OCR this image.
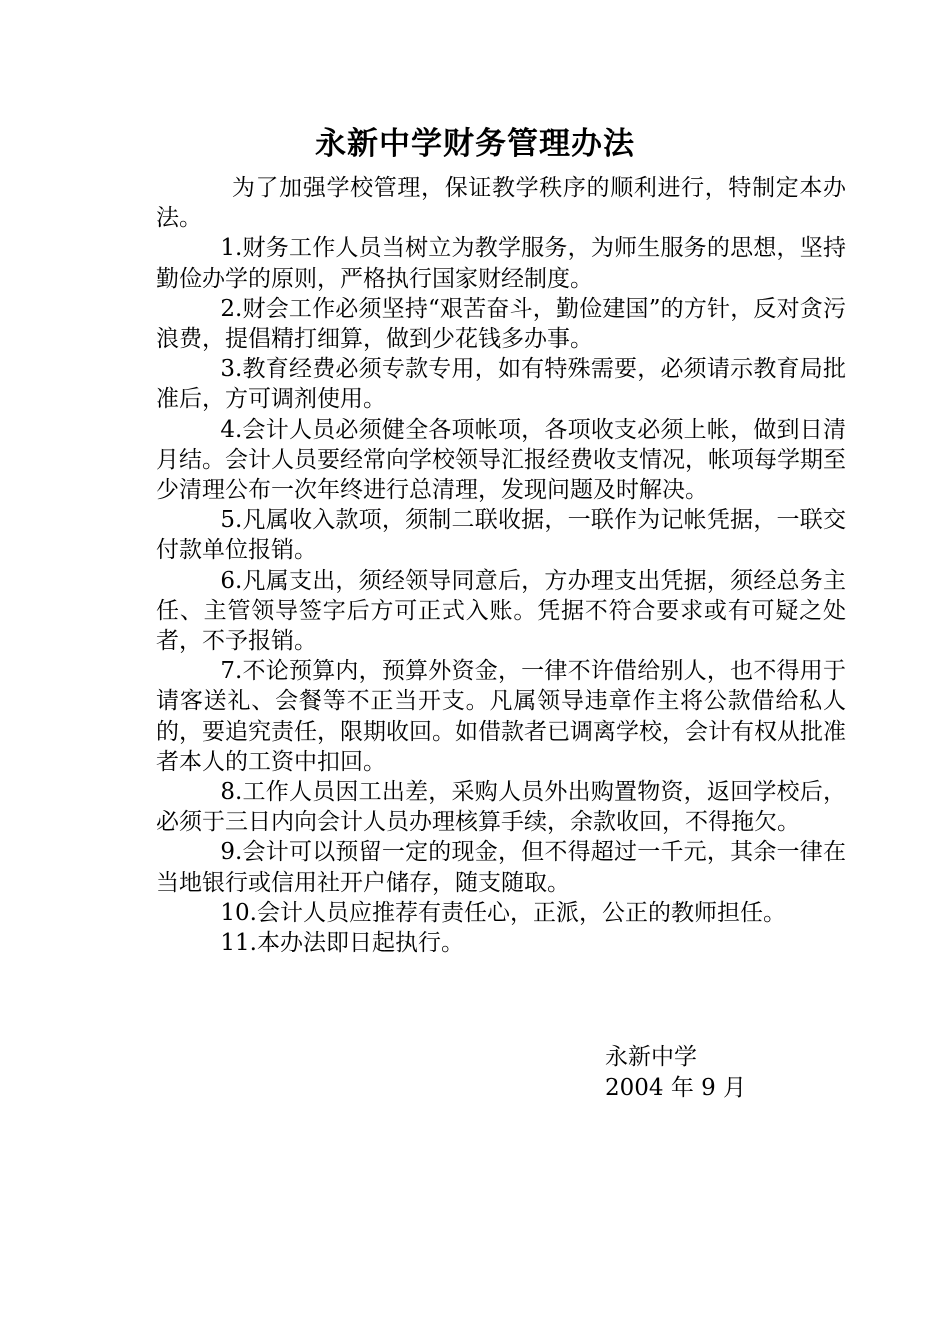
永新中学财务管理办法

为了加强学校管理，保证教学秩序的顺利进行，特制定本办法。

1.财务工作人员当树立为教学服务，为师生服务的思想，坚持勤俭办学的原则，严格执行国家财经制度。

2.财会工作必须坚持“艰苦奋斗，勤俭建国”的方针，反对贪污浪费，提倡精打细算，做到少花钱多办事。

3.教育经费必须专款专用，如有特殊需要，必须请示教育局批准后，方可调剂使用。

4.会计人员必须健全各项帐项，各项收支必须上帐，做到日清月结。会计人员要经常向学校领导汇报经费收支情况，帐项每学期至少清理公布一次年终进行总清理，发现问题及时解决。

5.凡属收入款项，须制二联收据，一联作为记帐凭据，一联交付款单位报销。

6.凡属支出，须经领导同意后，方办理支出凭据，须经总务主任、主管领导签字后方可正式入账。凭据不符合要求或有可疑之处者，不予报销。

7.不论预算内，预算外资金，一律不许借给别人，也不得用于请客送礼、会餐等不正当开支。凡属领导违章作主将公款借给私人的，要追究责任，限期收回。如借款者已调离学校，会计有权从批准者本人的工资中扣回。

8.工作人员因工出差，采购人员外出购置物资，返回学校后，必须于三日内向会计人员办理核算手续，余款收回，不得拖欠。

9.会计可以预留一定的现金，但不得超过一千元，其余一律在当地银行或信用社开户储存，随支随取。

10.会计人员应推荐有责任心，正派，公正的教师担任。

11.本办法即日起执行。

永新中学
2004 年 9 月
